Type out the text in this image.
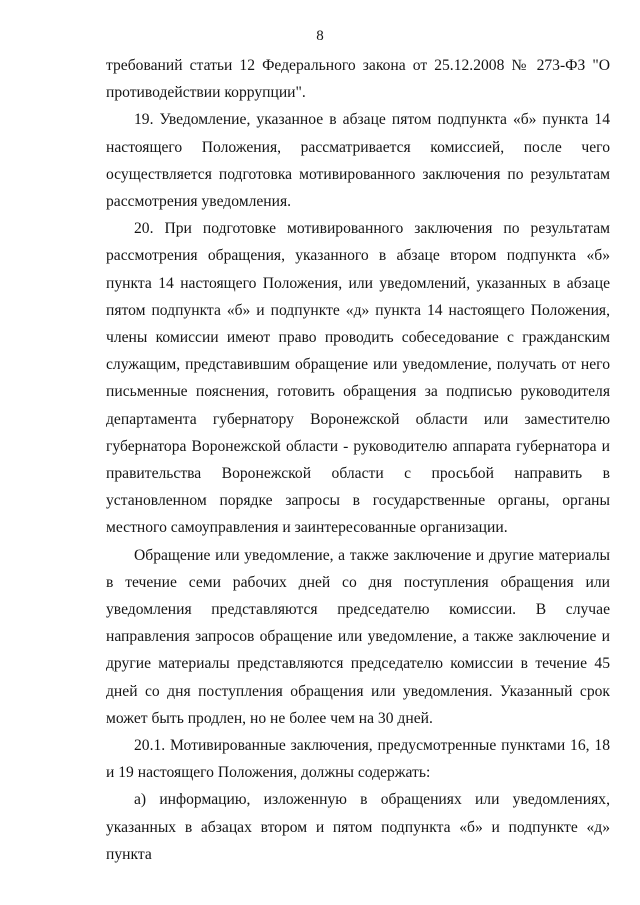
8

требований статьи 12 Федерального закона от 25.12.2008 № 273-ФЗ "О противодействии коррупции".

19. Уведомление, указанное в абзаце пятом подпункта «б» пункта 14 настоящего Положения, рассматривается комиссией, после чего осуществляется подготовка мотивированного заключения по результатам рассмотрения уведомления.

20. При подготовке мотивированного заключения по результатам рассмотрения обращения, указанного в абзаце втором подпункта «б» пункта 14 настоящего Положения, или уведомлений, указанных в абзаце пятом подпункта «б» и подпункте «д» пункта 14 настоящего Положения, члены комиссии имеют право проводить собеседование с гражданским служащим, представившим обращение или уведомление, получать от него письменные пояснения, готовить обращения за подписью руководителя департамента губернатору Воронежской области или заместителю губернатора Воронежской области - руководителю аппарата губернатора и правительства Воронежской области с просьбой направить в установленном порядке запросы в государственные органы, органы местного самоуправления и заинтересованные организации.

Обращение или уведомление, а также заключение и другие материалы в течение семи рабочих дней со дня поступления обращения или уведомления представляются председателю комиссии. В случае направления запросов обращение или уведомление, а также заключение и другие материалы представляются председателю комиссии в течение 45 дней со дня поступления обращения или уведомления. Указанный срок может быть продлен, но не более чем на 30 дней.

20.1. Мотивированные заключения, предусмотренные пунктами 16, 18 и 19 настоящего Положения, должны содержать:

а) информацию, изложенную в обращениях или уведомлениях, указанных в абзацах втором и пятом подпункта «б» и подпункте «д» пункта
